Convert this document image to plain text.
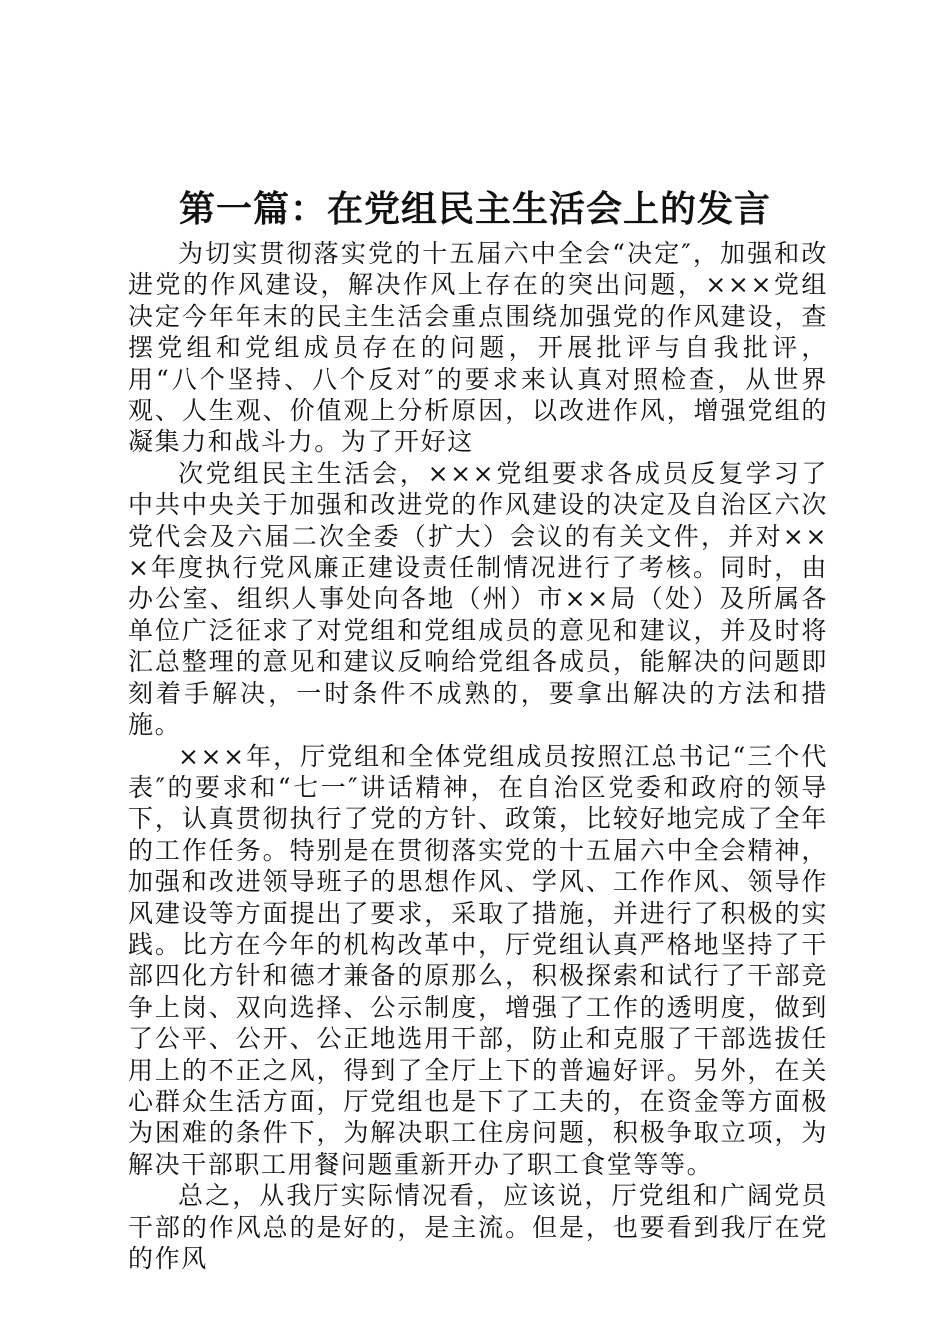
第一篇：在党组民主生活会上的发言

为切实贯彻落实党的十五届六中全会“决定″，加强和改进党的作风建设，解决作风上存在的突出问题，×××党组决定今年年末的民主生活会重点围绕加强党的作风建设，查摆党组和党组成员存在的问题，开展批评与自我批评，用“八个坚持、八个反对″的要求来认真对照检查，从世界观、人生观、价值观上分析原因，以改进作风，增强党组的凝集力和战斗力。为了开好这

次党组民主生活会，×××党组要求各成员反复学习了中共中央关于加强和改进党的作风建设的决定及自治区六次党代会及六届二次全委（扩大）会议的有关文件，并对×××年度执行党风廉正建设责任制情况进行了考核。同时，由办公室、组织人事处向各地（州）市××局（处）及所属各单位广泛征求了对党组和党组成员的意见和建议，并及时将汇总整理的意见和建议反响给党组各成员，能解决的问题即刻着手解决，一时条件不成熟的，要拿出解决的方法和措施。

×××年，厅党组和全体党组成员按照江总书记“三个代表″的要求和“七一″讲话精神，在自治区党委和政府的领导下，认真贯彻执行了党的方针、政策，比较好地完成了全年的工作任务。特别是在贯彻落实党的十五届六中全会精神，加强和改进领导班子的思想作风、学风、工作作风、领导作风建设等方面提出了要求，采取了措施，并进行了积极的实践。比方在今年的机构改革中，厅党组认真严格地坚持了干部四化方针和德才兼备的原那么，积极探索和试行了干部竞争上岗、双向选择、公示制度，增强了工作的透明度，做到了公平、公开、公正地选用干部，防止和克服了干部选拔任用上的不正之风，得到了全厅上下的普遍好评。另外，在关心群众生活方面，厅党组也是下了工夫的，在资金等方面极为困难的条件下，为解决职工住房问题，积极争取立项，为解决干部职工用餐问题重新开办了职工食堂等等。

总之，从我厅实际情况看，应该说，厅党组和广阔党员干部的作风总的是好的，是主流。但是，也要看到我厅在党的作风
